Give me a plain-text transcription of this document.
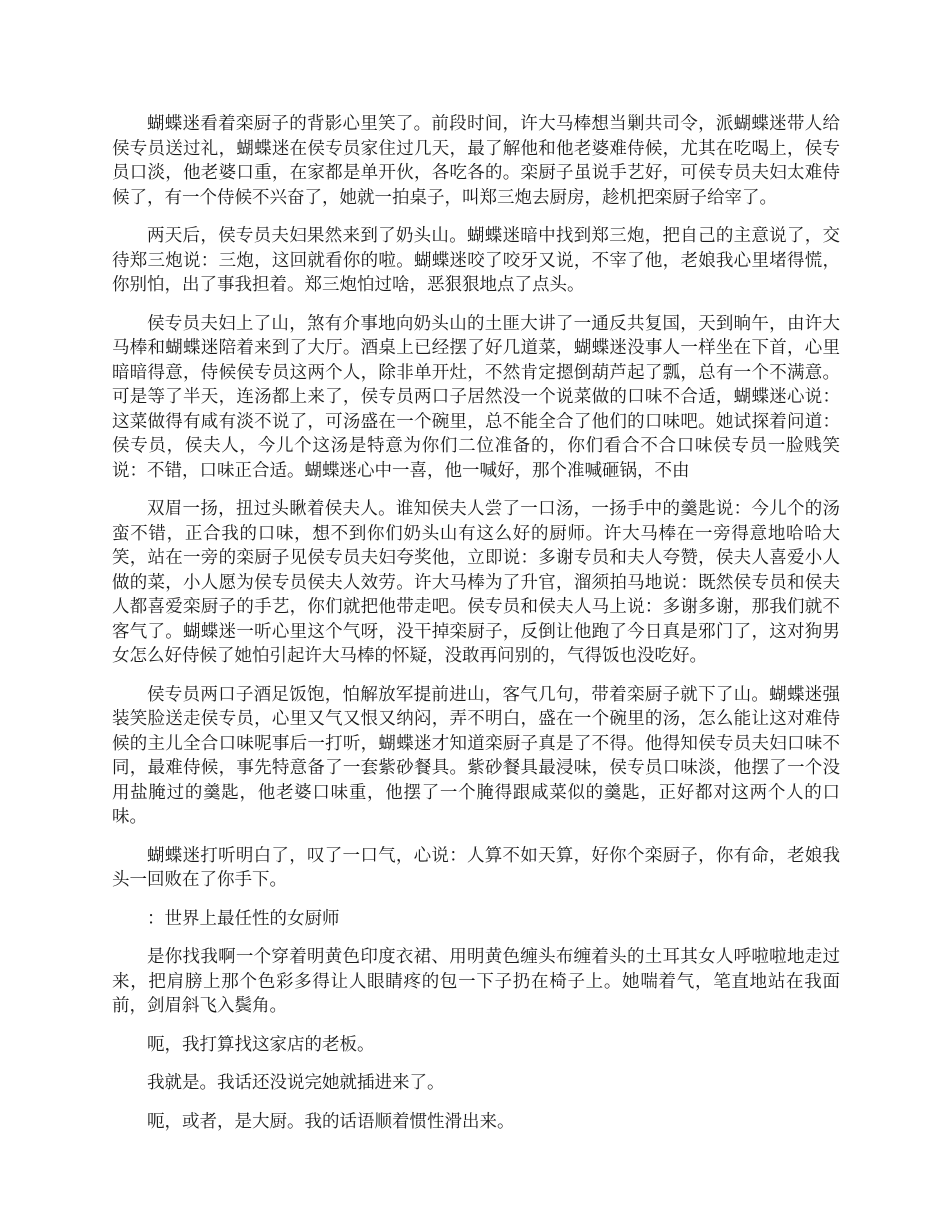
蝴蝶迷看着栾厨子的背影心里笑了。前段时间，许大马棒想当剿共司令，派蝴蝶迷带人给侯专员送过礼，蝴蝶迷在侯专员家住过几天，最了解他和他老婆难侍候，尤其在吃喝上，侯专员口淡，他老婆口重，在家都是单开伙，各吃各的。栾厨子虽说手艺好，可侯专员夫妇太难侍候了，有一个侍候不兴奋了，她就一拍桌子，叫郑三炮去厨房，趁机把栾厨子给宰了。

两天后，侯专员夫妇果然来到了奶头山。蝴蝶迷暗中找到郑三炮，把自己的主意说了，交待郑三炮说：三炮，这回就看你的啦。蝴蝶迷咬了咬牙又说，不宰了他，老娘我心里堵得慌，你别怕，出了事我担着。郑三炮怕过啥，恶狠狠地点了点头。

侯专员夫妇上了山，煞有介事地向奶头山的土匪大讲了一通反共复国，天到晌午，由许大马棒和蝴蝶迷陪着来到了大厅。酒桌上已经摆了好几道菜，蝴蝶迷没事人一样坐在下首，心里暗暗得意，侍候侯专员这两个人，除非单开灶，不然肯定摁倒葫芦起了瓢，总有一个不满意。可是等了半天，连汤都上来了，侯专员两口子居然没一个说菜做的口味不合适，蝴蝶迷心说：这菜做得有咸有淡不说了，可汤盛在一个碗里，总不能全合了他们的口味吧。她试探着问道：侯专员，侯夫人，今儿个这汤是特意为你们二位准备的，你们看合不合口味侯专员一脸贱笑说：不错，口味正合适。蝴蝶迷心中一喜，他一喊好，那个准喊砸锅，不由

双眉一扬，扭过头瞅着侯夫人。谁知侯夫人尝了一口汤，一扬手中的羹匙说：今儿个的汤蛮不错，正合我的口味，想不到你们奶头山有这么好的厨师。许大马棒在一旁得意地哈哈大笑，站在一旁的栾厨子见侯专员夫妇夸奖他，立即说：多谢专员和夫人夸赞，侯夫人喜爱小人做的菜，小人愿为侯专员侯夫人效劳。许大马棒为了升官，溜须拍马地说：既然侯专员和侯夫人都喜爱栾厨子的手艺，你们就把他带走吧。侯专员和侯夫人马上说：多谢多谢，那我们就不客气了。蝴蝶迷一听心里这个气呀，没干掉栾厨子，反倒让他跑了今日真是邪门了，这对狗男女怎么好侍候了她怕引起许大马棒的怀疑，没敢再问别的，气得饭也没吃好。

侯专员两口子酒足饭饱，怕解放军提前进山，客气几句，带着栾厨子就下了山。蝴蝶迷强装笑脸送走侯专员，心里又气又恨又纳闷，弄不明白，盛在一个碗里的汤，怎么能让这对难侍候的主儿全合口味呢事后一打听，蝴蝶迷才知道栾厨子真是了不得。他得知侯专员夫妇口味不同，最难侍候，事先特意备了一套紫砂餐具。紫砂餐具最浸味，侯专员口味淡，他摆了一个没用盐腌过的羹匙，他老婆口味重，他摆了一个腌得跟咸菜似的羹匙，正好都对这两个人的口味。

蝴蝶迷打听明白了，叹了一口气，心说：人算不如天算，好你个栾厨子，你有命，老娘我头一回败在了你手下。

：世界上最任性的女厨师

是你找我啊一个穿着明黄色印度衣裙、用明黄色缠头布缠着头的土耳其女人呼啦啦地走过来，把肩膀上那个色彩多得让人眼睛疼的包一下子扔在椅子上。她喘着气，笔直地站在我面前，剑眉斜飞入鬓角。

呃，我打算找这家店的老板。

我就是。我话还没说完她就插进来了。

呃，或者，是大厨。我的话语顺着惯性滑出来。
